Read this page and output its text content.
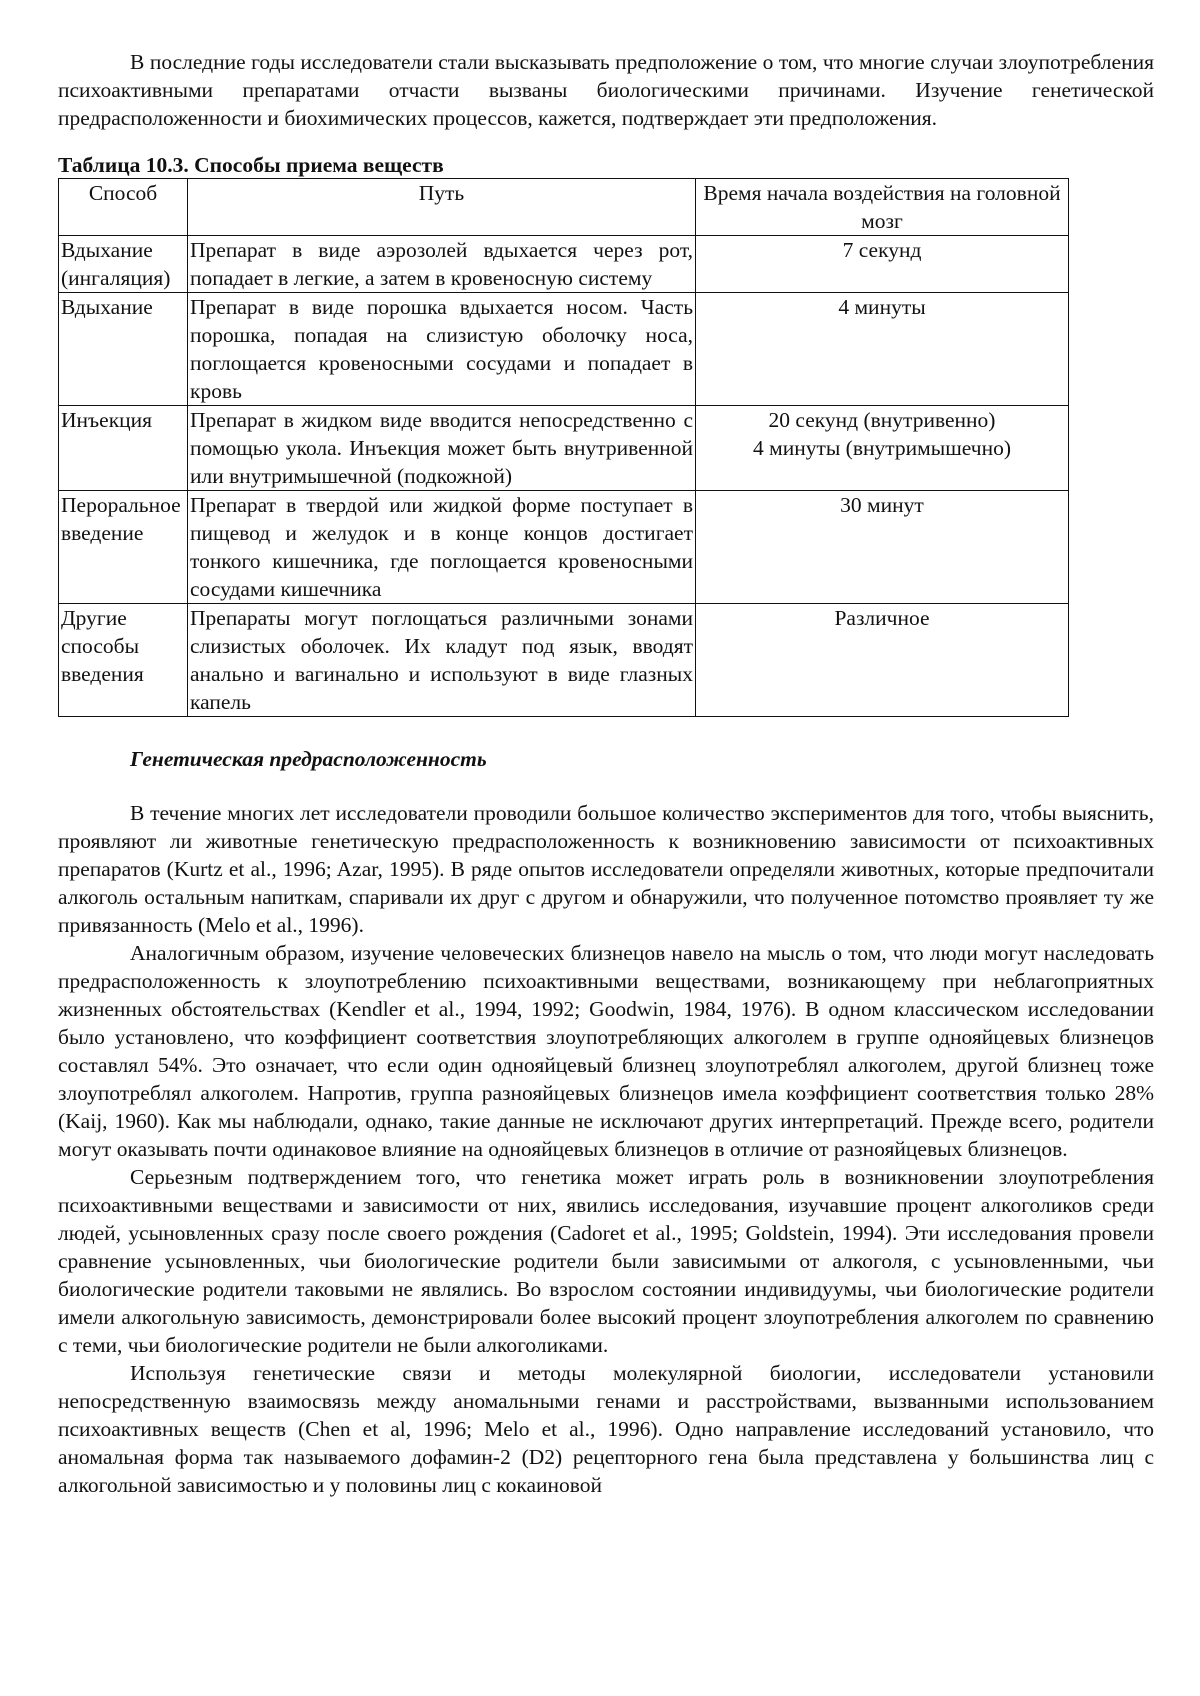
В последние годы исследователи стали высказывать предположение о том, что многие случаи злоупотребления психоактивными препаратами отчасти вызваны биологическими причинами. Изучение генетической предрасположенности и биохимических процессов, кажется, подтверждает эти предположения.

Таблица 10.3. Способы приема веществ

Способ	Путь	Время начала воздействия на головной мозг
Вдыхание (ингаляция)	Препарат в виде аэрозолей вдыхается через рот, попадает в легкие, а затем в кровеносную систему	7 секунд

Вдыхание	Препарат в виде порошка вдыхается носом. Часть порошка, попадая на слизистую оболочку носа, поглощается кровеносными сосудами и попадает в кровь	4 минуты

Инъекция	Препарат в жидком виде вводится непосредственно с помощью укола. Инъекция может быть внутривенной или внутримышечной (подкожной)	20 секунд (внутривенно)
4 минуты (внутримышечно)

Пероральное введение	Препарат в твердой или жидкой форме поступает в пищевод и желудок и в конце концов достигает тонкого кишечника, где поглощается кровеносными сосудами кишечника	30 минут

Другие способы введения	Препараты могут поглощаться различными зонами слизистых оболочек. Их кладут под язык, вводят анально и вагинально и используют в виде глазных капель	Различное
Генетическая предрасположенность

В течение многих лет исследователи проводили большое количество экспериментов для того, чтобы выяснить, проявляют ли животные генетическую предрасположенность к возникновению зависимости от психоактивных препаратов (Kurtz et al., 1996; Azar, 1995). В ряде опытов исследователи определяли животных, которые предпочитали алкоголь остальным напиткам, спаривали их друг с другом и обнаружили, что полученное потомство проявляет ту же привязанность (Melo et al., 1996).

Аналогичным образом, изучение человеческих близнецов навело на мысль о том, что люди могут наследовать предрасположенность к злоупотреблению психоактивными веществами, возникающему при неблагоприятных жизненных обстоятельствах (Kendler et al., 1994, 1992; Goodwin, 1984, 1976). В одном классическом исследовании было установлено, что коэффициент соответствия злоупотребляющих алкоголем в группе однояйцевых близнецов составлял 54%. Это означает, что если один однояйцевый близнец злоупотреблял алкоголем, другой близнец тоже злоупотреблял алкоголем. Напротив, группа разнояйцевых близнецов имела коэффициент соответствия только 28% (Kaij, 1960). Как мы наблюдали, однако, такие данные не исключают других интерпретаций. Прежде всего, родители могут оказывать почти одинаковое влияние на однояйцевых близнецов в отличие от разнояйцевых близнецов.

Серьезным подтверждением того, что генетика может играть роль в возникновении злоупотребления психоактивными веществами и зависимости от них, явились исследования, изучавшие процент алкоголиков среди людей, усыновленных сразу после своего рождения (Cadoret et al., 1995; Goldstein, 1994). Эти исследования провели сравнение усыновленных, чьи биологические родители были зависимыми от алкоголя, с усыновленными, чьи биологические родители таковыми не являлись. Во взрослом состоянии индивидуумы, чьи биологические родители имели алкогольную зависимость, демонстрировали более высокий процент злоупотребления алкоголем по сравнению с теми, чьи биологические родители не были алкоголиками.

Используя генетические связи и методы молекулярной биологии, исследователи установили непосредственную взаимосвязь между аномальными генами и расстройствами, вызванными использованием психоактивных веществ (Chen et al, 1996; Melo et al., 1996). Одно направление исследований установило, что аномальная форма так называемого дофамин-2 (D2) рецепторного гена была представлена у большинства лиц с алкогольной зависимостью и у половины лиц с кокаиновой
